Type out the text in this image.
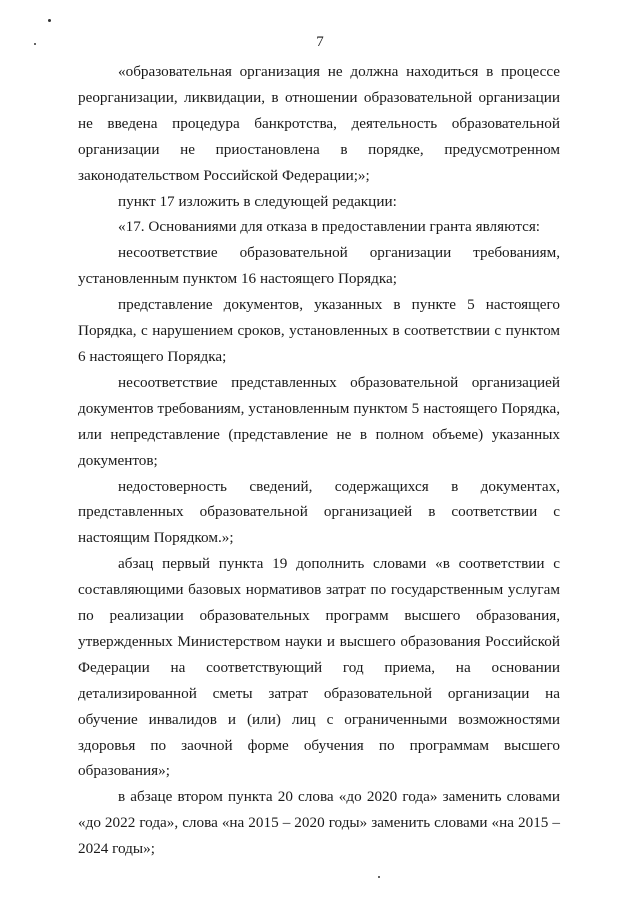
7

«образовательная организация не должна находиться в процессе реорганизации, ликвидации, в отношении образовательной организации не введена процедура банкротства, деятельность образовательной организации не приостановлена в порядке, предусмотренном законодательством Российской Федерации;»;

пункт 17 изложить в следующей редакции:

«17. Основаниями для отказа в предоставлении гранта являются:

несоответствие образовательной организации требованиям, установленным пунктом 16 настоящего Порядка;

представление документов, указанных в пункте 5 настоящего Порядка, с нарушением сроков, установленных в соответствии с пунктом 6 настоящего Порядка;

несоответствие представленных образовательной организацией документов требованиям, установленным пунктом 5 настоящего Порядка, или непредставление (представление не в полном объеме) указанных документов;

недостоверность сведений, содержащихся в документах, представленных образовательной организацией в соответствии с настоящим Порядком.»;

абзац первый пункта 19 дополнить словами «в соответствии с составляющими базовых нормативов затрат по государственным услугам по реализации образовательных программ высшего образования, утвержденных Министерством науки и высшего образования Российской Федерации на соответствующий год приема, на основании детализированной сметы затрат образовательной организации на обучение инвалидов и (или) лиц с ограниченными возможностями здоровья по заочной форме обучения по программам высшего образования»;

в абзаце втором пункта 20 слова «до 2020 года» заменить словами «до 2022 года», слова «на 2015 – 2020 годы» заменить словами «на 2015 – 2024 годы»;
